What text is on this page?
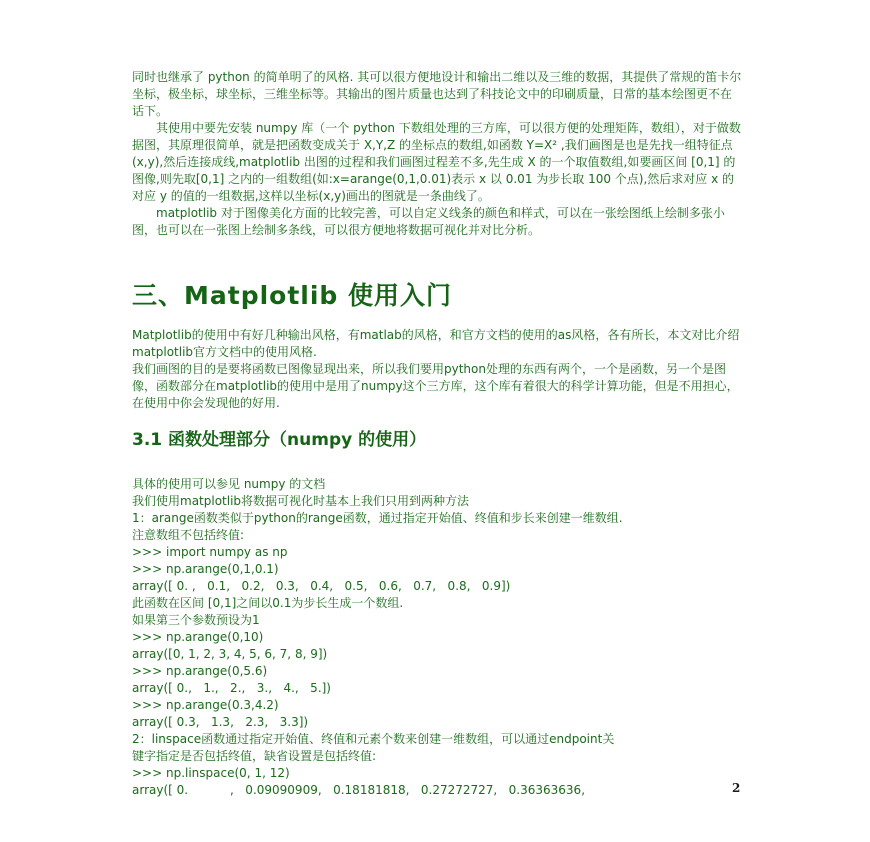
同时也继承了 python 的简单明了的风格. 其可以很方便地设计和输出二维以及三维的数据，其提供了常规的笛卡尔坐标，极坐标，球坐标，三维坐标等。其输出的图片质量也达到了科技论文中的印刷质量，日常的基本绘图更不在话下。

其使用中要先安装 numpy 库（一个 python 下数组处理的三方库，可以很方便的处理矩阵，数组），对于做数据图，其原理很简单，就是把函数变成关于 X,Y,Z 的坐标点的数组,如函数 Y=X² ,我们画图是也是先找一组特征点(x,y),然后连接成线,matplotlib 出图的过程和我们画图过程差不多,先生成 X 的一个取值数组,如要画区间 [0,1] 的图像,则先取[0,1] 之内的一组数组(如:x=arange(0,1,0.01)表示 x 以 0.01 为步长取 100 个点),然后求对应 x 的对应 y 的值的一组数据,这样以坐标(x,y)画出的图就是一条曲线了。

matplotlib 对于图像美化方面的比较完善，可以自定义线条的颜色和样式，可以在一张绘图纸上绘制多张小图，也可以在一张图上绘制多条线，可以很方便地将数据可视化并对比分析。

三、Matplotlib 使用入门

Matplotlib的使用中有好几种输出风格，有matlab的风格，和官方文档的使用的as风格，各有所长，本文对比介绍matplotlib官方文档中的使用风格.

我们画图的目的是要将函数已图像显现出来，所以我们要用python处理的东西有两个，一个是函数，另一个是图像，函数部分在matplotlib的使用中是用了numpy这个三方库，这个库有着很大的科学计算功能，但是不用担心，在使用中你会发现他的好用.

3.1 函数处理部分（numpy 的使用）
具体的使用可以参见 numpy 的文档
我们使用matplotlib将数据可视化时基本上我们只用到两种方法
1：arange函数类似于python的range函数，通过指定开始值、终值和步长来创建一维数组.
注意数组不包括终值:
>>> import numpy as np
>>> np.arange(0,1,0.1)
array([ 0. ,   0.1,   0.2,   0.3,   0.4,   0.5,   0.6,   0.7,   0.8,   0.9])
此函数在区间 [0,1]之间以0.1为步长生成一个数组.
如果第三个参数预设为1
>>> np.arange(0,10)
array([0, 1, 2, 3, 4, 5, 6, 7, 8, 9])
>>> np.arange(0,5.6)
array([ 0.,   1.,   2.,   3.,   4.,   5.])
>>> np.arange(0.3,4.2)
array([ 0.3,   1.3,   2.3,   3.3])
2：linspace函数通过指定开始值、终值和元素个数来创建一维数组，可以通过endpoint关
键字指定是否包括终值，缺省设置是包括终值:
>>> np.linspace(0, 1, 12)
array([ 0.           ,   0.09090909,   0.18181818,   0.27272727,   0.36363636,	2
